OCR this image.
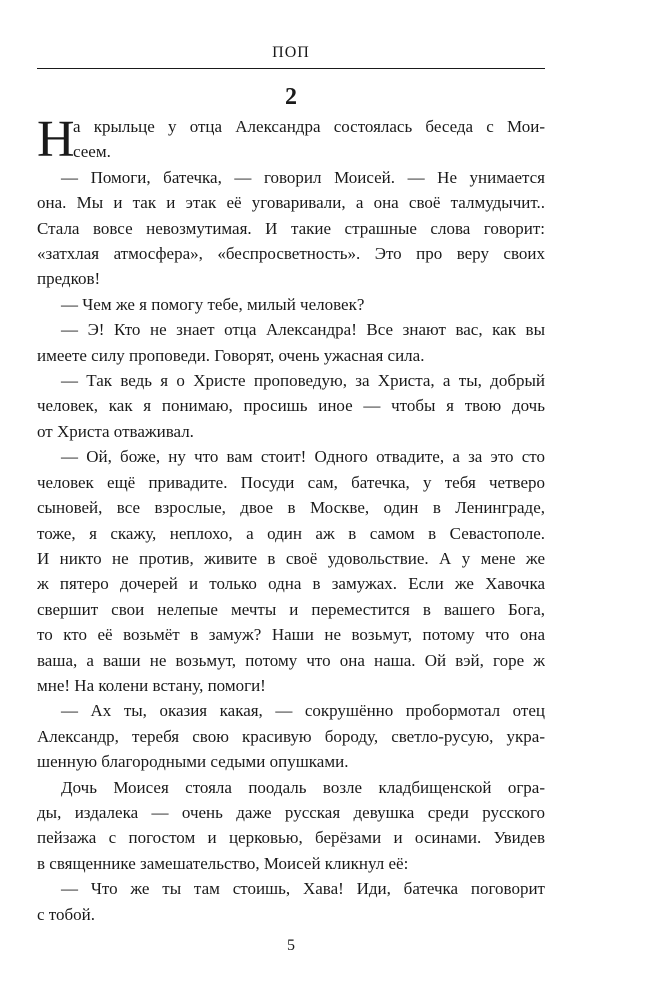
ПОП
2
Н
а крыльце у отца Александра состоялась беседа с Мои-
сеем.
— Помоги, батечка, — говорил Моисей. — Не унимается
она. Мы и так и этак её уговаривали, а она своё талмудычит..
Стала вовсе невозмутимая. И такие страшные слова говорит:
«затхлая атмосфера», «беспросветность». Это про веру своих
предков!
— Чем же я помогу тебе, милый человек?
— Э! Кто не знает отца Александра! Все знают вас, как вы
имеете силу проповеди. Говорят, очень ужасная сила.
— Так ведь я о Христе проповедую, за Христа, а ты, добрый
человек, как я понимаю, просишь иное — чтобы я твою дочь
от Христа отваживал.
— Ой, боже, ну что вам стоит! Одного отвадите, а за это сто
человек ещё привадите. Посуди сам, батечка, у тебя четверо
сыновей, все взрослые, двое в Москве, один в Ленинграде,
тоже, я скажу, неплохо, а один аж в самом в Севастополе.
И никто не против, живите в своё удовольствие. А у мене же
ж пятеро дочерей и только одна в замужах. Если же Хавочка
свершит свои нелепые мечты и переместится в вашего Бога,
то кто её возьмёт в замуж? Наши не возьмут, потому что она
ваша, а ваши не возьмут, потому что она наша. Ой вэй, горе ж
мне! На колени встану, помоги!
— Ах ты, оказия какая, — сокрушённо пробормотал отец
Александр, теребя свою красивую бороду, светло-русую, укра-
шенную благородными седыми опушками.
Дочь Моисея стояла поодаль возле кладбищенской огра-
ды, издалека — очень даже русская девушка среди русского
пейзажа с погостом и церковью, берёзами и осинами. Увидев
в священнике замешательство, Моисей кликнул её:
— Что же ты там стоишь, Хава! Иди, батечка поговорит
с тобой.
5
